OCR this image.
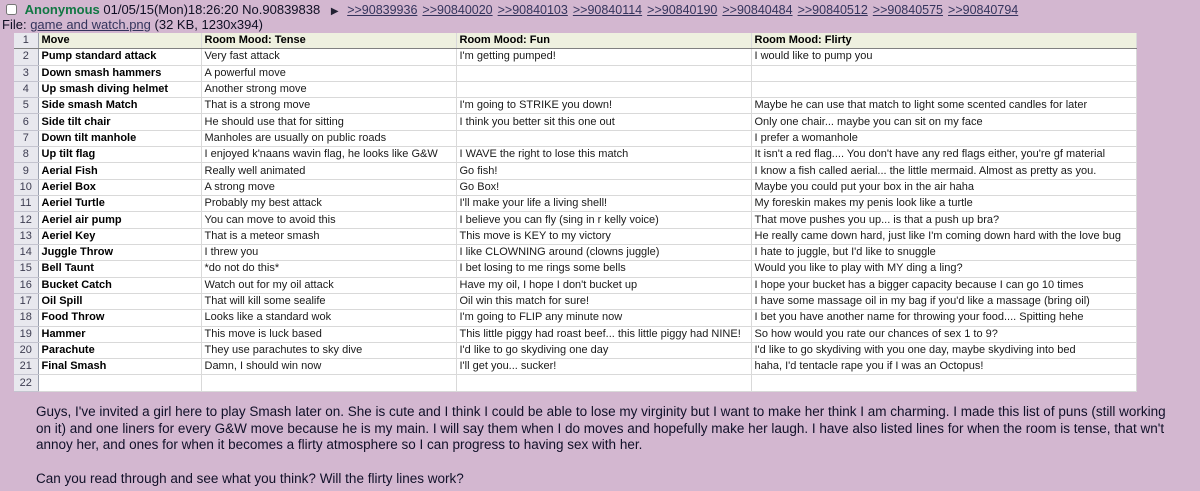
Anonymous 01/05/15(Mon)18:26:20 No.90839838 ▶ >>90839936 >>90840020 >>90840103 >>90840114 >>90840190 >>90840484 >>90840512 >>90840575 >>90840794
File: game and watch.png (32 KB, 1230x394)
1	Move	Room Mood: Tense	Room Mood: Fun	Room Mood: Flirty
2	Pump standard attack	Very fast attack	I'm getting pumped!	I would like to pump you
3	Down smash hammers	A powerful move		
4	Up smash diving helmet	Another strong move		
5	Side smash Match	That is a strong move	I'm going to STRIKE you down!	Maybe he can use that match to light some scented candles for later
6	Side tilt chair	He should use that for sitting	I think you better sit this one out	Only one chair... maybe you can sit on my face
7	Down tilt manhole	Manholes are usually on public roads		I prefer a womanhole
8	Up tilt flag	I enjoyed k'naans wavin flag, he looks like G&W	I WAVE the right to lose this match	It isn't a red flag.... You don't have any red flags either, you're gf material
9	Aerial Fish	Really well animated	Go fish!	I know a fish called aerial... the little mermaid. Almost as pretty as you.
10	Aeriel Box	A strong move	Go Box!	Maybe you could put your box in the air haha
11	Aeriel Turtle	Probably my best attack	I'll make your life a living shell!	My foreskin makes my penis look like a turtle
12	Aeriel air pump	You can move to avoid this	I believe you can fly (sing in r kelly voice)	That move pushes you up... is that a push up bra?
13	Aeriel Key	That is a meteor smash	This move is KEY to my victory	He really came down hard, just like I'm coming down hard with the love bug
14	Juggle Throw	I threw you	I like CLOWNING around (clowns juggle)	I hate to juggle, but I'd like to snuggle
15	Bell Taunt	*do not do this*	I bet losing to me rings some bells	Would you like to play with MY ding a ling?
16	Bucket Catch	Watch out for my oil attack	Have my oil, I hope I don't bucket up	I hope your bucket has a bigger capacity because I can go 10 times
17	Oil Spill	That will kill some sealife	Oil win this match for sure!	I have some massage oil in my bag if you'd like a massage (bring oil)
18	Food Throw	Looks like a standard wok	I'm going to FLIP any minute now	I bet you have another name for throwing your food.... Spitting hehe
19	Hammer	This move is luck based	This little piggy had roast beef... this little piggy had NINE!	So how would you rate our chances of sex 1 to 9?
20	Parachute	They use parachutes to sky dive	I'd like to go skydiving one day	I'd like to go skydiving with you one day, maybe skydiving into bed
21	Final Smash	Damn, I should win now	I'll get you... sucker!	haha, I'd tentacle rape you if I was an Octopus!
22				

Guys, I've invited a girl here to play Smash later on. She is cute and I think I could be able to lose my virginity but I want to make her think I am charming. I made this list of puns (still working on it) and one liners for every G&W move because he is my main. I will say them when I do moves and hopefully make her laugh. I have also listed lines for when the room is tense, that wn't annoy her, and ones for when it becomes a flirty atmosphere so I can progress to having sex with her.

Can you read through and see what you think? Will the flirty lines work?
